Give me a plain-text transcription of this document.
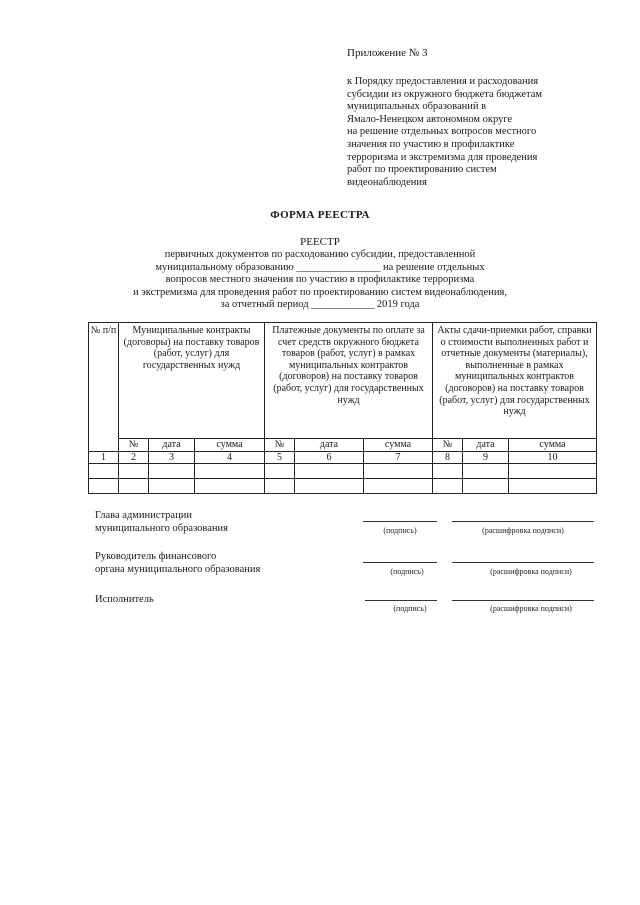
Приложение № 3
к Порядку предоставления и расходования
субсидии из окружного бюджета бюджетам
муниципальных образований в
Ямало-Ненецком автономном округе
на решение отдельных вопросов местного
значения по участию в профилактике
терроризма и экстремизма для проведения
работ по проектированию систем
видеонаблюдения
ФОРМА РЕЕСТРА
РЕЕСТР
первичных документов по расходованию субсидии, предоставленной
муниципальному образованию ________________ на решение отдельных
вопросов местного значения по участию в профилактике терроризма
и экстремизма для проведения работ по проектированию систем видеонаблюдения,
за отчетный период ____________ 2019 года
№ п/п	Муниципальные контракты (договоры) на поставку товаров (работ, услуг) для государственных нужд			Платежные документы по оплате за счет средств окружного бюджета товаров (работ, услуг) в рамках муниципальных контрактов (договоров) на поставку товаров (работ, услуг) для государственных нужд			Акты сдачи-приемки работ, справки о стоимости выполненных работ и отчетные документы (материалы), выполненные в рамках муниципальных контрактов (договоров) на поставку товаров (работ, услуг) для государственных нужд		
	№	дата	сумма	№	дата	сумма	№	дата	сумма
1	2	3	4	5	6	7	8	9	10

Глава администрации
муниципального образования	(подпись)	(расшифровка подписи)
Руководитель финансового
органа муниципального образования	(подпись)	(расшифровка подписи)
Исполнитель
(подпись)	(расшифровка подписи)
